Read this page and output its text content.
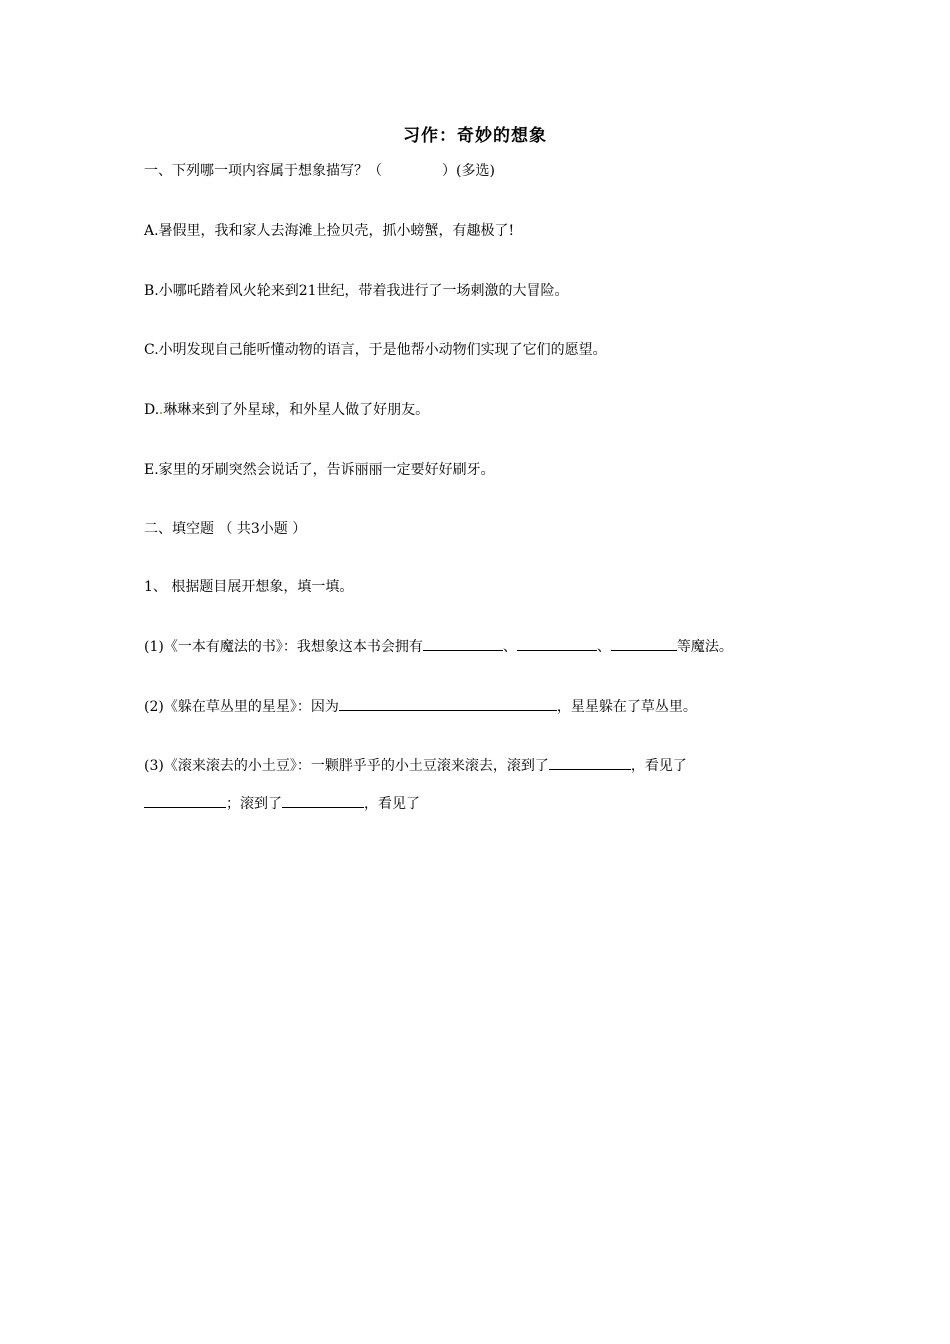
习作：奇妙的想象
一、下列哪一项内容属于想象描写？（	）(多选)
A.暑假里，我和家人去海滩上捡贝壳，抓小螃蟹，有趣极了!
B.小哪吒踏着风火轮来到21世纪，带着我进行了一场刺激的大冒险。
C.小明发现自己能听懂动物的语言，于是他帮小动物们实现了它们的愿望。
D. 琳琳来到了外星球，和外星人做了好朋友。
E.家里的牙刷突然会说话了，告诉丽丽一定要好好刷牙。
二、填空题 （ 共3小题 ）
1、 根据题目展开想象，填一填。
(1)《一本有魔法的书》：我想象这本书会拥有	、	、	等魔法。
(2)《躲在草丛里的星星》：因为	，星星躲在了草丛里。
(3)《滚来滚去的小土豆》：一颗胖乎乎的小土豆滚来滚去，滚到了	，看见了
；滚到了	，看见了
